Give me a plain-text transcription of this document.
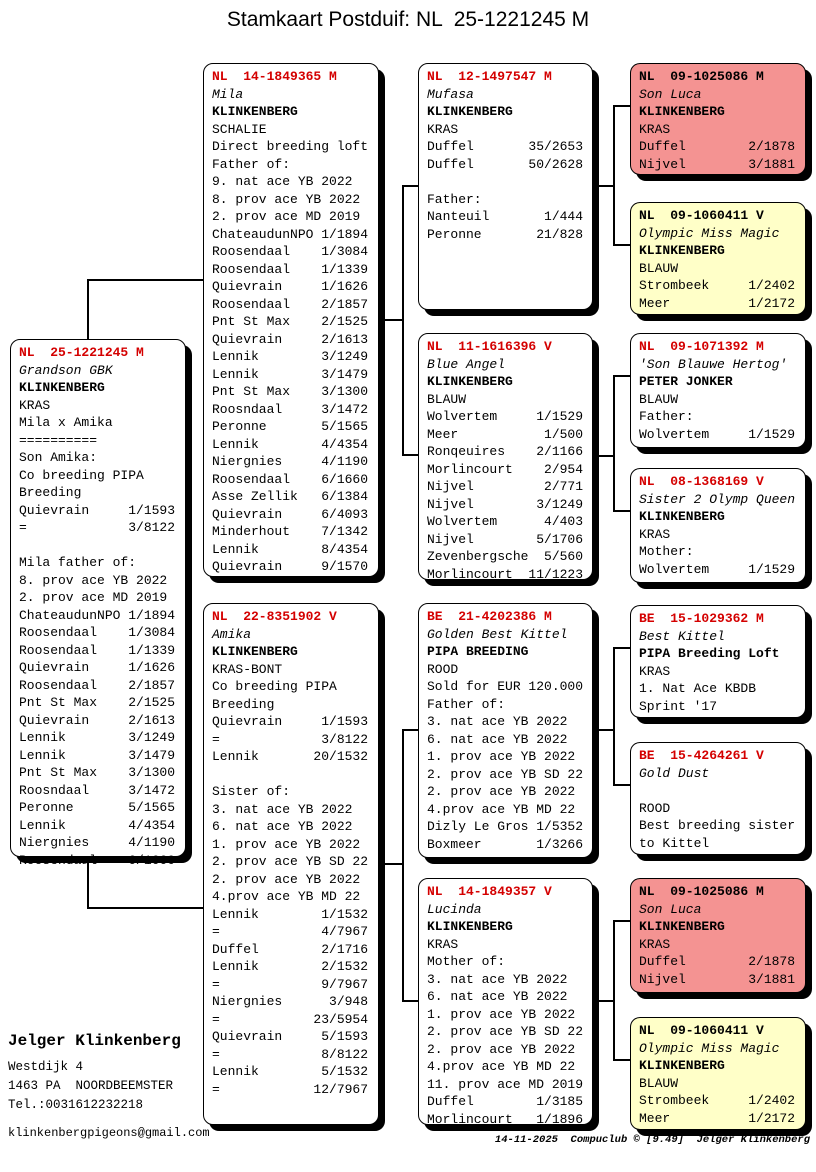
Stamkaart Postduif: NL  25-1221245 M
NL  25-1221245 M
Grandson GBK
KLINKENBERG
KRAS
Mila x Amika
==========
Son Amika:
Co breeding PIPA
Breeding
Quievrain     1/1593
=             3/8122
Mila father of:
8. prov ace YB 2022
2. prov ace MD 2019
ChateaudunNPO 1/1894
Roosendaal    1/3084
Roosendaal    1/1339
Quievrain     1/1626
Roosendaal    2/1857
Pnt St Max    2/1525
Quievrain     2/1613
Lennik        3/1249
Lennik        3/1479
Pnt St Max    3/1300
Roosndaal     3/1472
Peronne       5/1565
Lennik        4/4354
Niergnies     4/1190
Roosendaal    6/1660
NL  14-1849365 M
Mila
KLINKENBERG
SCHALIE
Direct breeding loft
Father of:
9. nat ace YB 2022
8. prov ace YB 2022
2. prov ace MD 2019
ChateaudunNPO 1/1894
Roosendaal    1/3084
Roosendaal    1/1339
Quievrain     1/1626
Roosendaal    2/1857
Pnt St Max    2/1525
Quievrain     2/1613
Lennik        3/1249
Lennik        3/1479
Pnt St Max    3/1300
Roosndaal     3/1472
Peronne       5/1565
Lennik        4/4354
Niergnies     4/1190
Roosendaal    6/1660
Asse Zellik   6/1384
Quievrain     6/4093
Minderhout    7/1342
Lennik        8/4354
Quievrain     9/1570
NL  22-8351902 V
Amika
KLINKENBERG
KRAS-BONT
Co breeding PIPA
Breeding
Quievrain     1/1593
=             3/8122
Lennik       20/1532
Sister of:
3. nat ace YB 2022
6. nat ace YB 2022
1. prov ace YB 2022
2. prov ace YB SD 22
2. prov ace YB 2022
4.prov ace YB MD 22
Lennik        1/1532
=             4/7967
Duffel        2/1716
Lennik        2/1532
=             9/7967
Niergnies      3/948
=            23/5954
Quievrain     5/1593
=             8/8122
Lennik        5/1532
=            12/7967
NL  12-1497547 M
Mufasa
KLINKENBERG
KRAS
Duffel       35/2653
Duffel       50/2628
Father:
Nanteuil       1/444
Peronne       21/828
NL  11-1616396 V
Blue Angel
KLINKENBERG
BLAUW
Wolvertem     1/1529
Meer           1/500
Ronqeuires    2/1166
Morlincourt    2/954
Nijvel         2/771
Nijvel        3/1249
Wolvertem      4/403
Nijvel        5/1706
Zevenbergsche  5/560
Morlincourt  11/1223
BE  21-4202386 M
Golden Best Kittel
PIPA BREEDING
ROOD
Sold for EUR 120.000
Father of:
3. nat ace YB 2022
6. nat ace YB 2022
1. prov ace YB 2022
2. prov ace YB SD 22
2. prov ace YB 2022
4.prov ace YB MD 22
Dizly Le Gros 1/5352
Boxmeer       1/3266
NL  14-1849357 V
Lucinda
KLINKENBERG
KRAS
Mother of:
3. nat ace YB 2022
6. nat ace YB 2022
1. prov ace YB 2022
2. prov ace YB SD 22
2. prov ace YB 2022
4.prov ace YB MD 22
11. prov ace MD 2019
Duffel        1/3185
Morlincourt   1/1896
NL  09-1025086 M
Son Luca
KLINKENBERG
KRAS
Duffel        2/1878
Nijvel        3/1881
NL  09-1060411 V
Olympic Miss Magic
KLINKENBERG
BLAUW
Strombeek     1/2402
Meer          1/2172
NL  09-1071392 M
'Son Blauwe Hertog'
PETER JONKER
BLAUW
Father:
Wolvertem     1/1529
NL  08-1368169 V
Sister 2 Olymp Queen
KLINKENBERG
KRAS
Mother:
Wolvertem     1/1529
BE  15-1029362 M
Best Kittel
PIPA Breeding Loft
KRAS
1. Nat Ace KBDB
Sprint '17
BE  15-4264261 V
Gold Dust
ROOD
Best breeding sister
to Kittel
NL  09-1025086 M
Son Luca
KLINKENBERG
KRAS
Duffel        2/1878
Nijvel        3/1881
NL  09-1060411 V
Olympic Miss Magic
KLINKENBERG
BLAUW
Strombeek     1/2402
Meer          1/2172
Jelger Klinkenberg
Westdijk 4
1463 PA  NOORDBEEMSTER
Tel.:0031612232218
klinkenbergpigeons@gmail.com	14-11-2025 Compuclub © [9.49] Jelger Klinkenberg
